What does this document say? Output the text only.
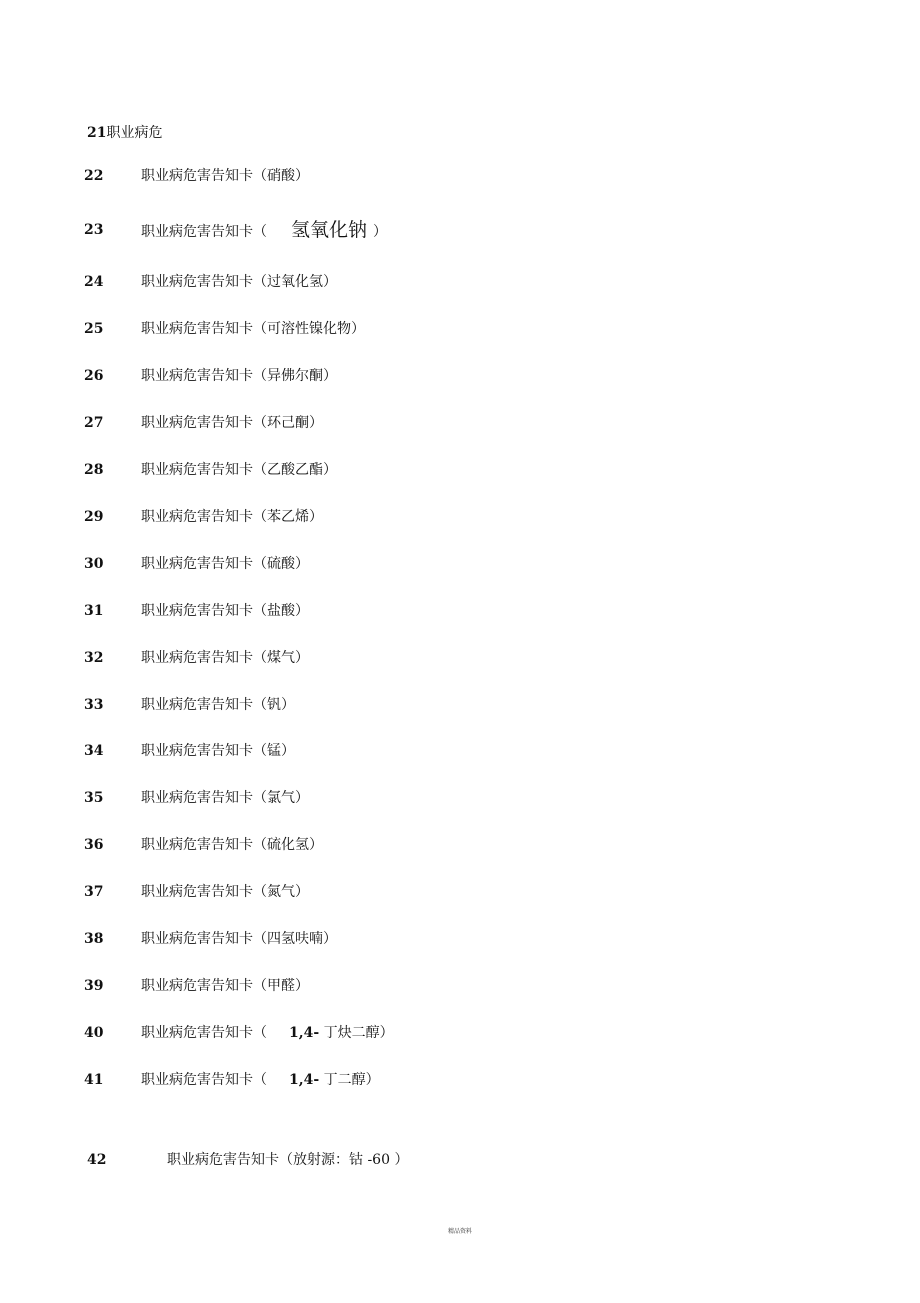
21职业病危
22	职业病危害告知卡（硝酸）
23	职业病危害告知卡（ 氢氧化钠 ）
24	职业病危害告知卡（过氧化氢）
25	职业病危害告知卡（可溶性镍化物）
26	职业病危害告知卡（异佛尔酮）
27	职业病危害告知卡（环己酮）
28	职业病危害告知卡（乙酸乙酯）
29	职业病危害告知卡（苯乙烯）
30	职业病危害告知卡（硫酸）
31	职业病危害告知卡（盐酸）
32	职业病危害告知卡（煤气）
33	职业病危害告知卡（钒）
34	职业病危害告知卡（锰）
35	职业病危害告知卡（氯气）
36	职业病危害告知卡（硫化氢）
37	职业病危害告知卡（氮气）
38	职业病危害告知卡（四氢呋喃）
39	职业病危害告知卡（甲醛）
40	职业病危害告知卡（ 1,4- 丁炔二醇）
41	职业病危害告知卡（ 1,4- 丁二醇）
42	职业病危害告知卡（放射源：钴 -60 ）
精品资料
